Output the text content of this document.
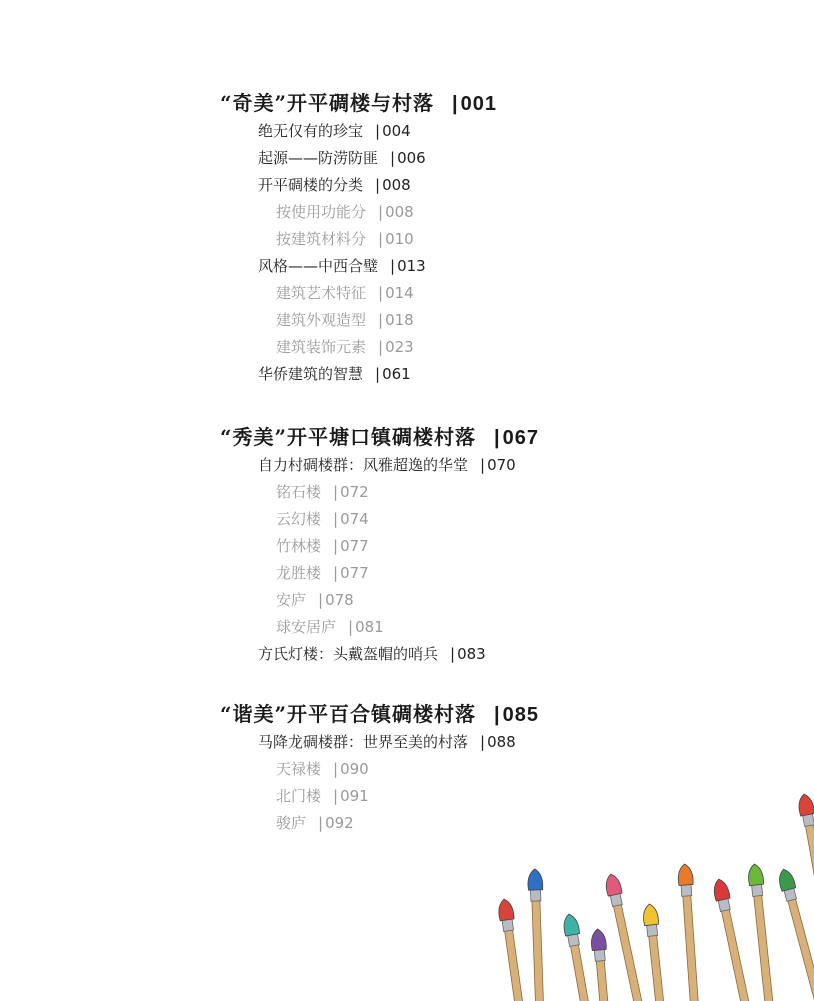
“奇美”开平碉楼与村落 | 001
绝无仅有的珍宝 | 004
起源——防涝防匪 | 006
开平碉楼的分类 | 008
按使用功能分 | 008
按建筑材料分 | 010
风格——中西合璧 | 013
建筑艺术特征 | 014
建筑外观造型 | 018
建筑装饰元素 | 023
华侨建筑的智慧 | 061
“秀美”开平塘口镇碉楼村落 | 067
自力村碉楼群：风雅超逸的华堂 | 070
铭石楼 | 072
云幻楼 | 074
竹林楼 | 077
龙胜楼 | 077
安庐 | 078
球安居庐 | 081
方氏灯楼：头戴盔帽的哨兵 | 083
“谐美”开平百合镇碉楼村落 | 085
马降龙碉楼群：世界至美的村落 | 088
天禄楼 | 090
北门楼 | 091
骏庐 | 092
